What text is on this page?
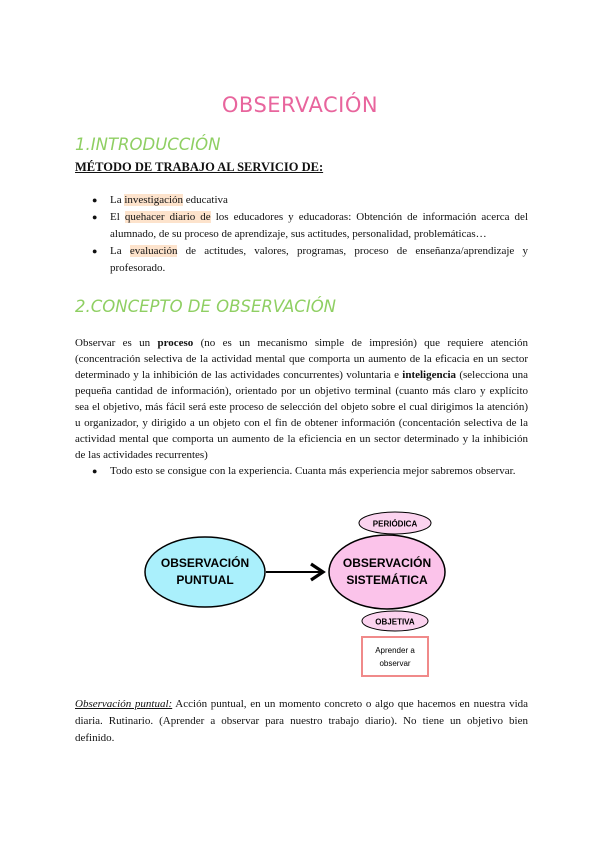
OBSERVACIÓN
1.INTRODUCCIÓN
MÉTODO DE TRABAJO AL SERVICIO DE:
● La investigación educativa
● El quehacer diario de los educadores y educadoras: Obtención de información acerca del
alumnado, de su proceso de aprendizaje, sus actitudes, personalidad, problemáticas…
● La evaluación de actitudes, valores, programas, proceso de enseñanza/aprendizaje y
profesorado.
2.CONCEPTO DE OBSERVACIÓN
Observar es un proceso (no es un mecanismo simple de impresión) que requiere atención
(concentración selectiva de la actividad mental que comporta un aumento de la eficacia en un sector
determinado y la inhibición de las actividades concurrentes) voluntaria e inteligencia (selecciona una
pequeña cantidad de información), orientado por un objetivo terminal (cuanto más claro y explícito
sea el objetivo, más fácil será este proceso de selección del objeto sobre el cual dirigimos la atención)
u organizador, y dirigido a un objeto con el fin de obtener información (concentación selectiva de la
actividad mental que comporta un aumento de la eficiencia en un sector determinado y la inhibición
de las actividades recurrentes)
● Todo esto se consigue con la experiencia. Cuanta más experiencia mejor sabremos observar.
OBSERVACIÓN
PUNTUAL
OBSERVACIÓN
SISTEMÁTICA
PERIÓDICA
OBJETIVA
Aprender a
observar
Observación puntual: Acción puntual, en un momento concreto o algo que hacemos en nuestra vida
diaria. Rutinario. (Aprender a observar para nuestro trabajo diario). No tiene un objetivo bien
definido.
